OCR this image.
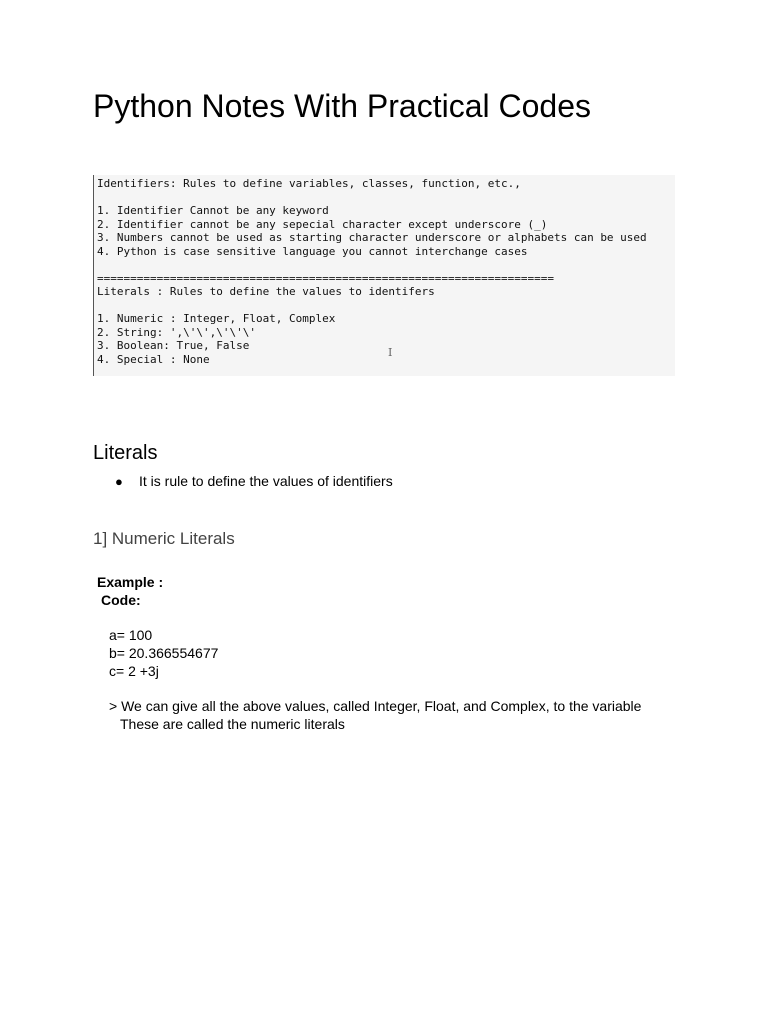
Python Notes With Practical Codes
Identifiers: Rules to define variables, classes, function, etc.,
1. Identifier Cannot be any keyword
2. Identifier cannot be any sepecial character except underscore (_)
3. Numbers cannot be used as starting character underscore or alphabets can be used
4. Python is case sensitive language you cannot interchange cases
=====================================================================
Literals : Rules to define the values to identifers
1. Numeric : Integer, Float, Complex
2. String: ',\'\',\'\'\'
3. Boolean: True, False
4. Special : None	I
Literals
●	It is rule to define the values of identifiers
1] Numeric Literals
Example :
Code:
a= 100
b= 20.366554677
c= 2 +3j
> We can give all the above values, called Integer, Float, and Complex, to the variable
These are called the numeric literals
